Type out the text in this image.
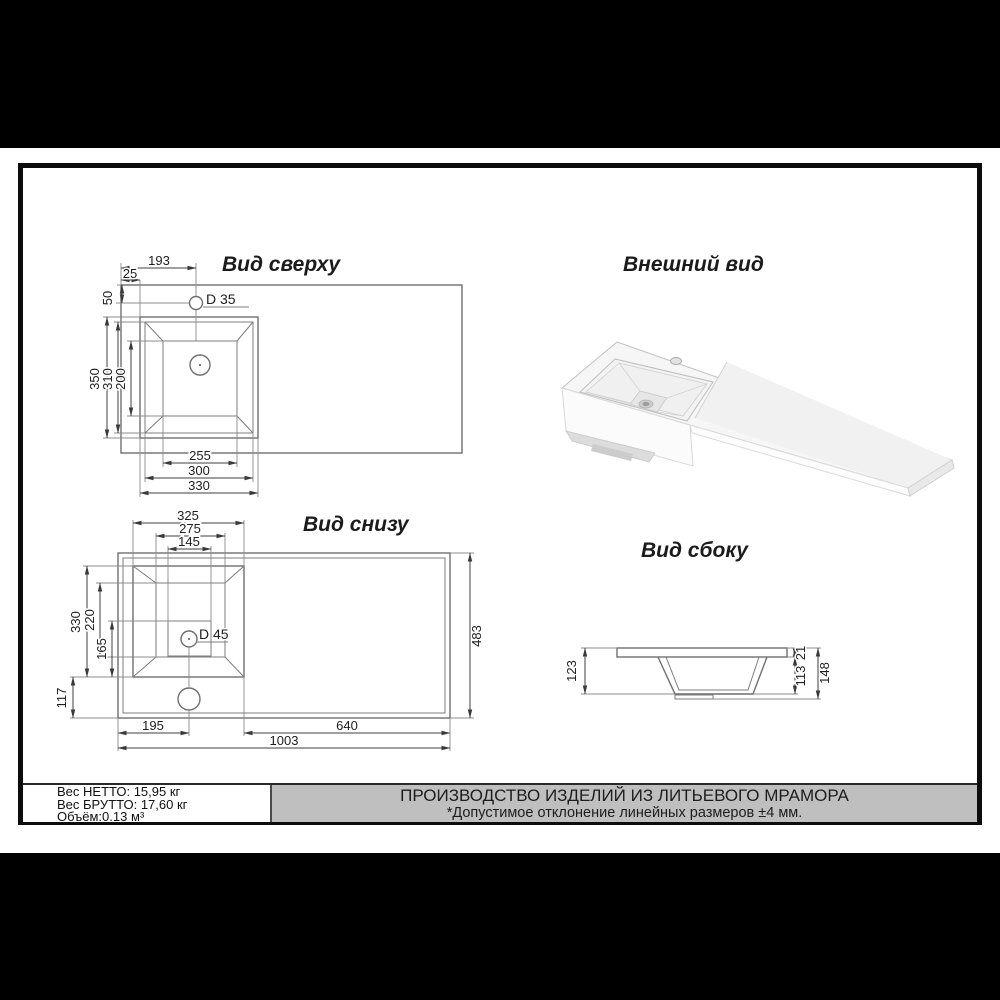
Вид сверху	Внешний вид
Вид снизу
Вид сбоку
193
25
50
350
310
200
255
300
330
D 35
325
275
145
330 220
165
117
483
195	640
1003
D 45
123
21
113 148
Вес НЕТТО: 15,95 кг
Вес БРУТТО: 17,60 кг
Объём:0.13 м³
ПРОИЗВОДСТВО ИЗДЕЛИЙ ИЗ ЛИТЬЕВОГО МРАМОРА
*Допустимое отклонение линейных размеров ±4 мм.
